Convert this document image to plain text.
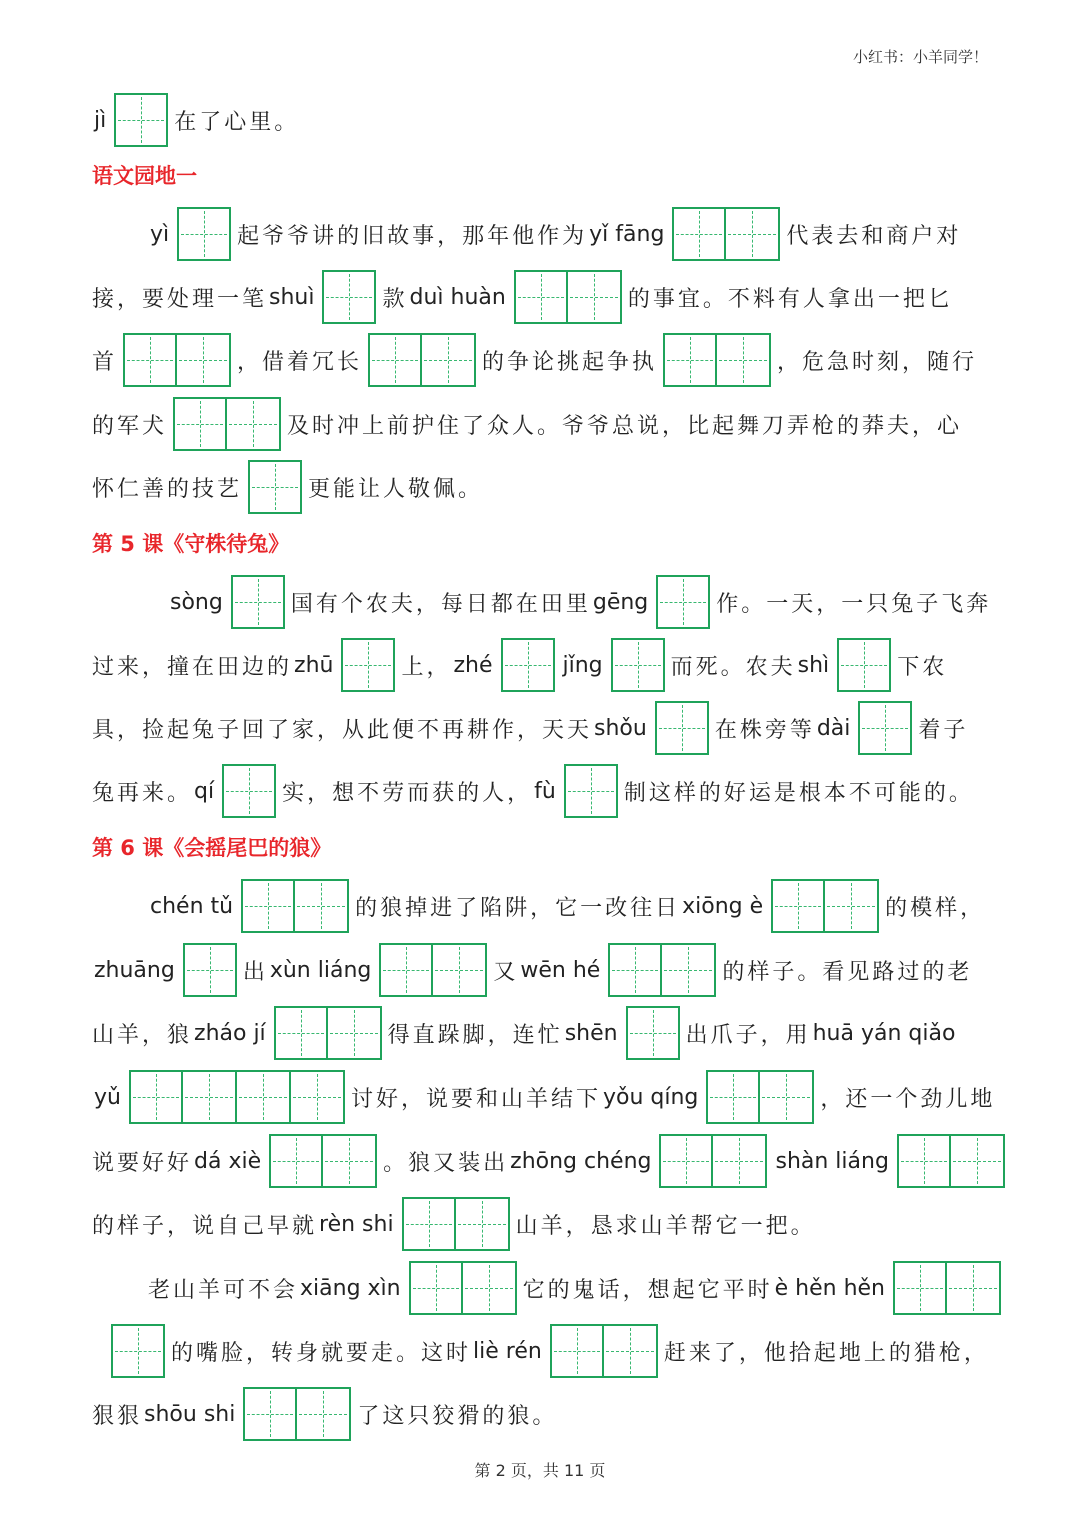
小红书：小羊同学！
jì	在了心里。
语文园地一
yì	起爷爷讲的旧故事，那年他作为 yǐ fāng	代表去和商户对
接，要处理一笔 shuì	款 duì huàn	的事宜。不料有人拿出一把匕
首	，借着冗长	的争论挑起争执	，危急时刻，随行
的军犬	及时冲上前护住了众人。爷爷总说，比起舞刀弄枪的莽夫，心
怀仁善的技艺	更能让人敬佩。
第 5 课《守株待兔》
sòng	国有个农夫，每日都在田里 gēng	作。一天，一只兔子飞奔
过来，撞在田边的 zhū	上， zhé	jǐng	而死。农夫 shì	下农
具，捡起兔子回了家，从此便不再耕作，天天 shǒu	在株旁等 dài	着子
兔再来。 qí	实，想不劳而获的人， fù	制这样的好运是根本不可能的。
第 6 课《会摇尾巴的狼》
chén tǔ	的狼掉进了陷阱，它一改往日 xiōng è	的模样，
zhuāng	出 xùn liáng	又 wēn hé	的样子。看见路过的老
山羊，狼 zháo jí	得直跺脚，连忙 shēn	出爪子，用 huā yán qiǎo
yǔ	讨好，说要和山羊结下 yǒu qíng	，还一个劲儿地
说要好好 dá xiè	。狼又装出 zhōng chéng	shàn liáng
的样子，说自己早就 rèn shi	山羊，恳求山羊帮它一把。
老山羊可不会 xiāng xìn	它的鬼话，想起它平时 è hěn hěn
的嘴脸，转身就要走。这时 liè rén	赶来了，他拾起地上的猎枪，
狠狠 shōu shi	了这只狡猾的狼。
第 2 页，共 11 页
